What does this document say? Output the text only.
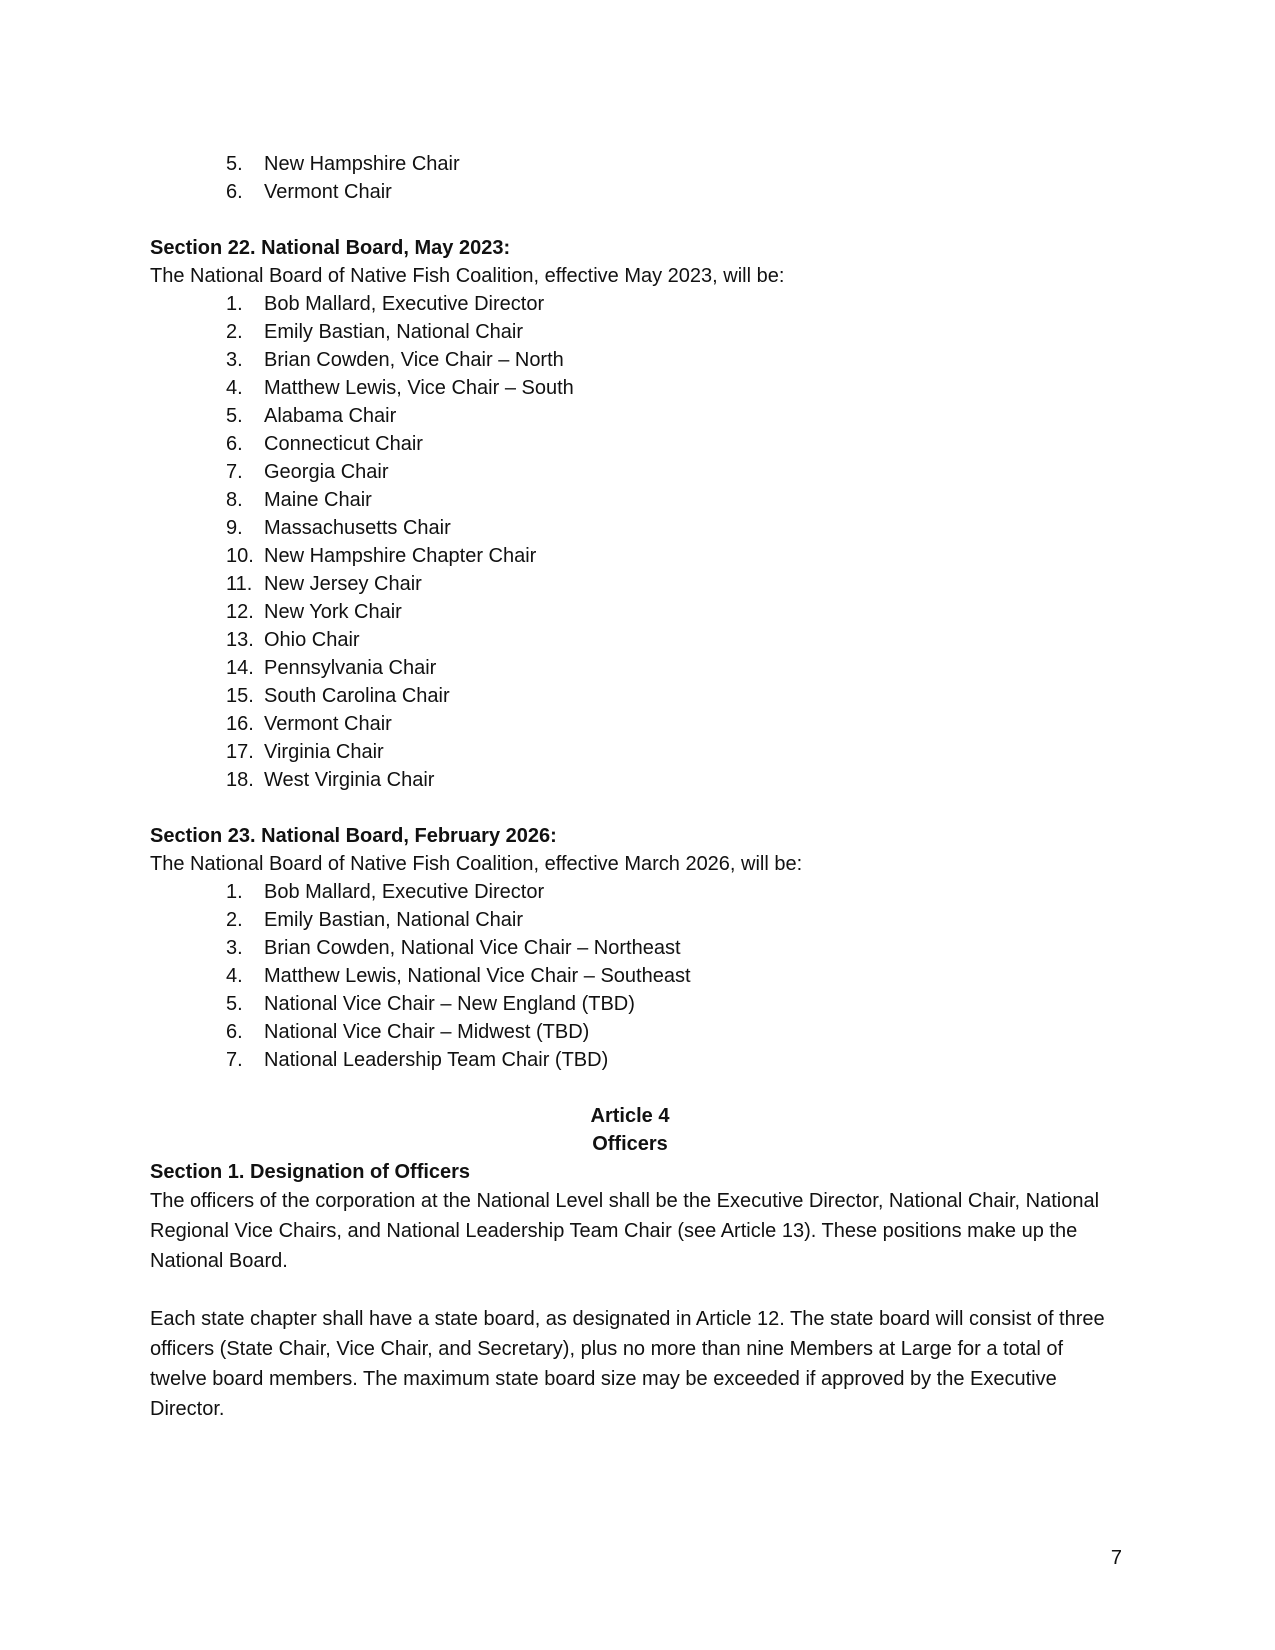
5.	New Hampshire Chair
6.	Vermont Chair

Section 22. National Board, May 2023:

The National Board of Native Fish Coalition, effective May 2023, will be:

1.	Bob Mallard, Executive Director
2.	Emily Bastian, National Chair
3.	Brian Cowden, Vice Chair – North
4.	Matthew Lewis, Vice Chair – South
5.	Alabama Chair
6.	Connecticut Chair
7.	Georgia Chair
8.	Maine Chair
9.	Massachusetts Chair
10. New Hampshire Chapter Chair
11. New Jersey Chair
12. New York Chair
13. Ohio Chair
14. Pennsylvania Chair
15. South Carolina Chair
16. Vermont Chair
17. Virginia Chair
18. West Virginia Chair

Section 23. National Board, February 2026:

The National Board of Native Fish Coalition, effective March 2026, will be:

1.	Bob Mallard, Executive Director
2.	Emily Bastian, National Chair
3.	Brian Cowden, National Vice Chair – Northeast
4.	Matthew Lewis, National Vice Chair – Southeast
5.	National Vice Chair – New England (TBD)
6.	National Vice Chair – Midwest (TBD)
7.	National Leadership Team Chair (TBD)

Article 4

Officers

Section 1. Designation of Officers

The officers of the corporation at the National Level shall be the Executive Director, National Chair, National Regional Vice Chairs, and National Leadership Team Chair (see Article 13). These positions make up the National Board.

Each state chapter shall have a state board, as designated in Article 12. The state board will consist of three officers (State Chair, Vice Chair, and Secretary), plus no more than nine Members at Large for a total of twelve board members. The maximum state board size may be exceeded if approved by the Executive Director.

7
